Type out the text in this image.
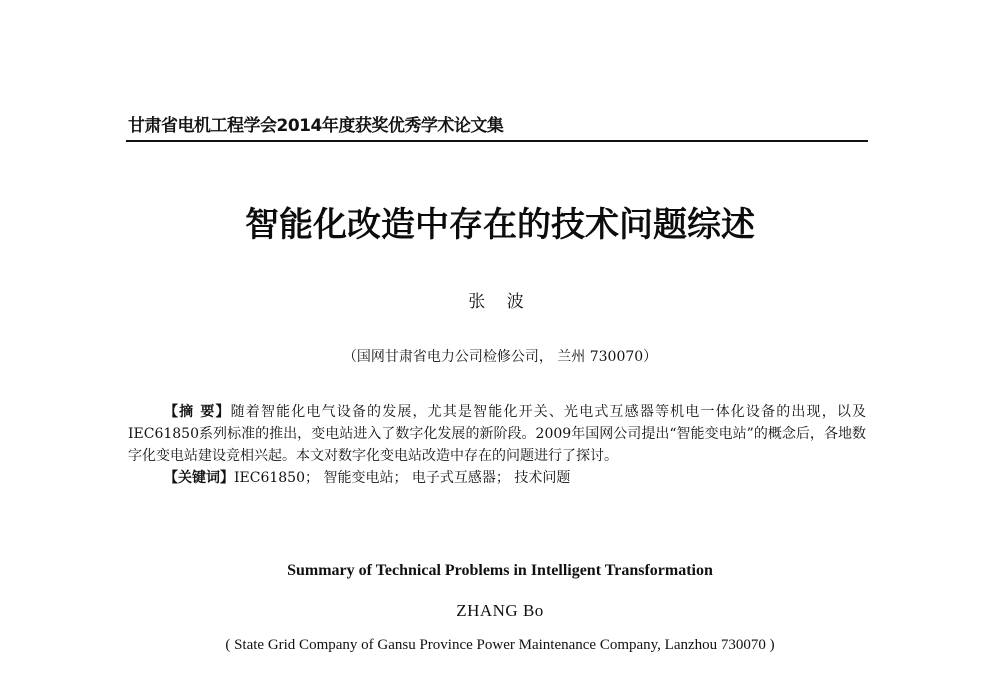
甘肃省电机工程学会2014年度获奖优秀学术论文集
智能化改造中存在的技术问题综述
张 波
（国网甘肃省电力公司检修公司， 兰州 730070）

【摘 要】随着智能化电气设备的发展，尤其是智能化开关、光电式互感器等机电一体化设备的出现，以及IEC61850系列标准的推出，变电站进入了数字化发展的新阶段。2009年国网公司提出“智能变电站”的概念后，各地数字化变电站建设竞相兴起。本文对数字化变电站改造中存在的问题进行了探讨。

【关键词】IEC61850； 智能变电站； 电子式互感器； 技术问题

Summary of Technical Problems in Intelligent Transformation
ZHANG Bo
( State Grid Company of Gansu Province Power Maintenance Company, Lanzhou 730070 )
